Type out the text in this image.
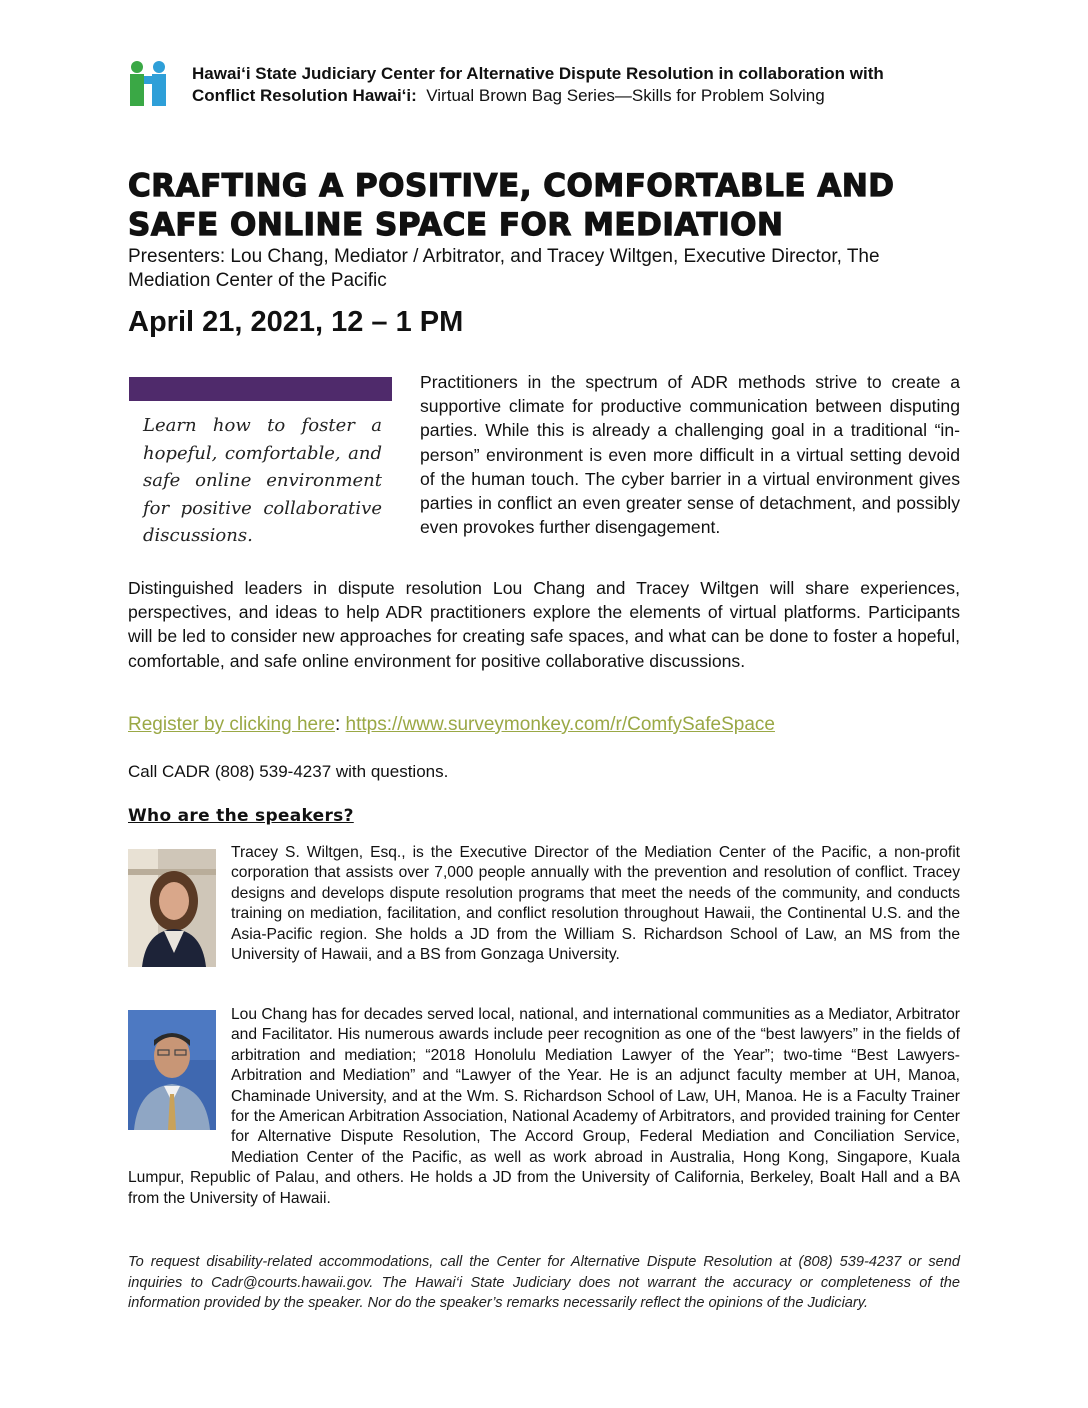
Hawai‘i State Judiciary Center for Alternative Dispute Resolution in collaboration with
Conflict Resolution Hawai‘i: Virtual Brown Bag Series—Skills for Problem Solving
CRAFTING A POSITIVE, COMFORTABLE AND
SAFE ONLINE SPACE FOR MEDIATION
Presenters: Lou Chang, Mediator / Arbitrator, and Tracey Wiltgen, Executive Director, The Mediation Center of the Pacific
April 21, 2021, 12 – 1 PM
Learn how to foster a hopeful, comfortable, and safe online environment for positive collaborative discussions.
Practitioners in the spectrum of ADR methods strive to create a supportive climate for productive communication between disputing parties. While this is already a challenging goal in a traditional “in-person” environment is even more difficult in a virtual setting devoid of the human touch. The cyber barrier in a virtual environment gives parties in conflict an even greater sense of detachment, and possibly even provokes further disengagement.
Distinguished leaders in dispute resolution Lou Chang and Tracey Wiltgen will share experiences, perspectives, and ideas to help ADR practitioners explore the elements of virtual platforms. Participants will be led to consider new approaches for creating safe spaces, and what can be done to foster a hopeful, comfortable, and safe online environment for positive collaborative discussions.
Register by clicking here: https://www.surveymonkey.com/r/ComfySafeSpace
Call CADR (808) 539-4237 with questions.
Who are the speakers?
Tracey S. Wiltgen, Esq., is the Executive Director of the Mediation Center of the Pacific, a non-profit corporation that assists over 7,000 people annually with the prevention and resolution of conflict. Tracey designs and develops dispute resolution programs that meet the needs of the community, and conducts training on mediation, facilitation, and conflict resolution throughout Hawaii, the Continental U.S. and the Asia-Pacific region. She holds a JD from the William S. Richardson School of Law, an MS from the University of Hawaii, and a BS from Gonzaga University.
Lou Chang has for decades served local, national, and international communities as a Mediator, Arbitrator and Facilitator. His numerous awards include peer recognition as one of the “best lawyers” in the fields of arbitration and mediation; “2018 Honolulu Mediation Lawyer of the Year”; two-time “Best Lawyers-Arbitration and Mediation” and “Lawyer of the Year. He is an adjunct faculty member at UH, Manoa, Chaminade University, and at the Wm. S. Richardson School of Law, UH, Manoa. He is a Faculty Trainer for the American Arbitration Association, National Academy of Arbitrators, and provided training for Center for Alternative Dispute Resolution, The Accord Group, Federal Mediation and Conciliation Service, Mediation Center of the Pacific, as well as work abroad in Australia, Hong Kong, Singapore, Kuala Lumpur, Republic of Palau, and others. He holds a JD from the University of California, Berkeley, Boalt Hall and a BA from the University of Hawaii.
To request disability-related accommodations, call the Center for Alternative Dispute Resolution at (808) 539-4237 or send inquiries to Cadr@courts.hawaii.gov. The Hawai‘i State Judiciary does not warrant the accuracy or completeness of the information provided by the speaker. Nor do the speaker’s remarks necessarily reflect the opinions of the Judiciary.
